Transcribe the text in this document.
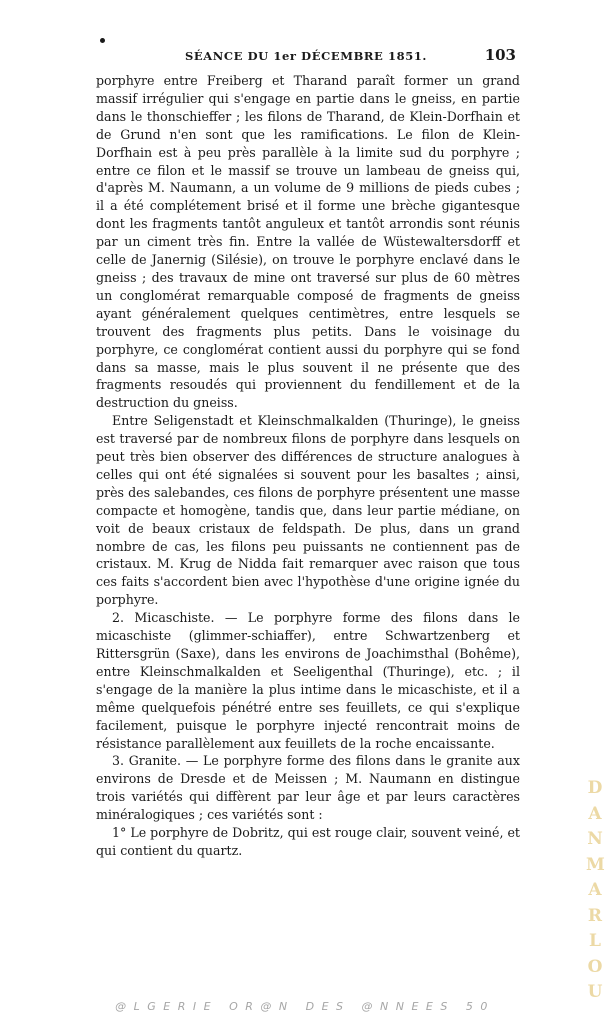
SÉANCE DU 1er DÉCEMBRE 1851.	103

porphyre entre Freiberg et Tharand paraît former un grand massif irrégulier qui s'engage en partie dans le gneiss, en partie dans le thonschieffer ; les filons de Tharand, de Klein-Dorfhain et de Grund n'en sont que les ramifications. Le filon de Klein-Dorfhain est à peu près parallèle à la limite sud du porphyre ; entre ce filon et le massif se trouve un lambeau de gneiss qui, d'après M. Naumann, a un volume de 9 millions de pieds cubes ; il a été complétement brisé et il forme une brèche gigantesque dont les fragments tantôt anguleux et tantôt arrondis sont réunis par un ciment très fin. Entre la vallée de Wüstewaltersdorff et celle de Janernig (Silésie), on trouve le porphyre enclavé dans le gneiss ; des travaux de mine ont traversé sur plus de 60 mètres un conglomérat remarquable composé de fragments de gneiss ayant généralement quelques centimètres, entre lesquels se trouvent des fragments plus petits. Dans le voisinage du porphyre, ce conglomérat contient aussi du porphyre qui se fond dans sa masse, mais le plus souvent il ne présente que des fragments resoudés qui proviennent du fendillement et de la destruction du gneiss.

Entre Seligenstadt et Kleinschmalkalden (Thuringe), le gneiss est traversé par de nombreux filons de porphyre dans lesquels on peut très bien observer des différences de structure analogues à celles qui ont été signalées si souvent pour les basaltes ; ainsi, près des salebandes, ces filons de porphyre présentent une masse compacte et homogène, tandis que, dans leur partie médiane, on voit de beaux cristaux de feldspath. De plus, dans un grand nombre de cas, les filons peu puissants ne contiennent pas de cristaux. M. Krug de Nidda fait remarquer avec raison que tous ces faits s'accordent bien avec l'hypothèse d'une origine ignée du porphyre.

2. Micaschiste. — Le porphyre forme des filons dans le micaschiste (glimmer-schiaffer), entre Schwartzenberg et Rittersgrün (Saxe), dans les environs de Joachimsthal (Bohême), entre Kleinschmalkalden et Seeligenthal (Thuringe), etc. ; il s'engage de la manière la plus intime dans le micaschiste, et il a même quelquefois pénétré entre ses feuillets, ce qui s'explique facilement, puisque le porphyre injecté rencontrait moins de résistance parallèlement aux feuillets de la roche encaissante.

3. Granite. — Le porphyre forme des filons dans le granite aux environs de Dresde et de Meissen ; M. Naumann en distingue trois variétés qui diffèrent par leur âge et par leurs caractères minéralogiques ; ces variétés sont :

1° Le porphyre de Dobritz, qui est rouge clair, souvent veiné, et qui contient du quartz.

DANMARLOU
@LGERIE OR@N DES @NNEES 50
